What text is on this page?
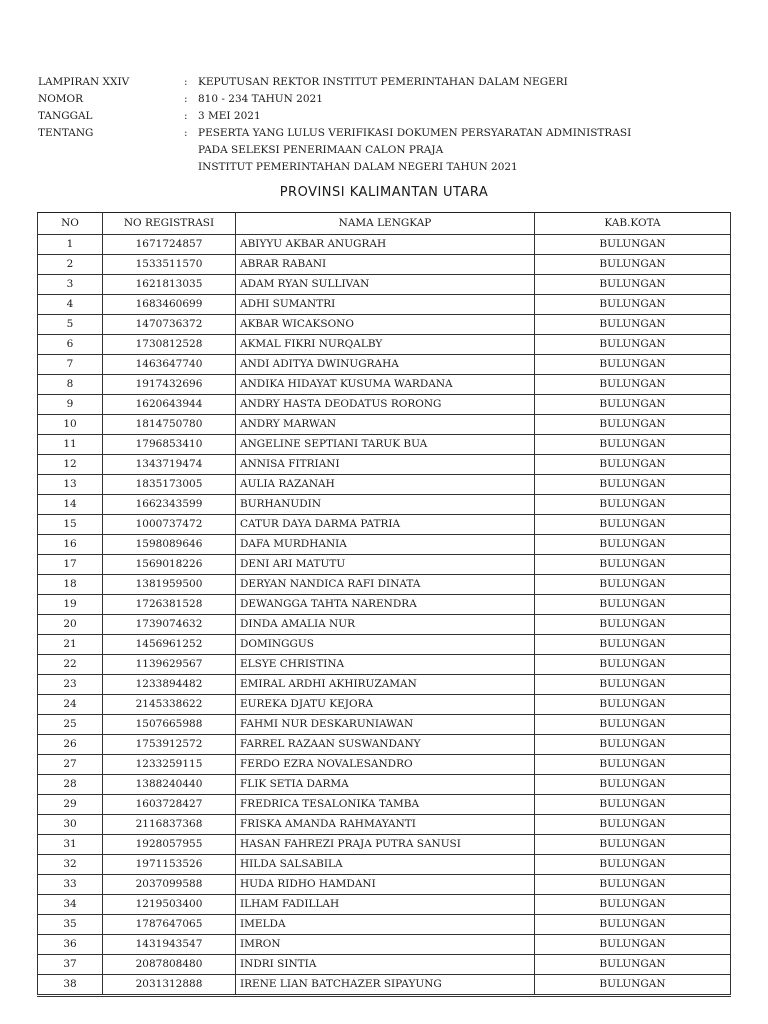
LAMPIRAN XXIV	: KEPUTUSAN REKTOR INSTITUT PEMERINTAHAN DALAM NEGERI
NOMOR	: 810 - 234 TAHUN 2021
TANGGAL	: 3 MEI 2021
TENTANG	: PESERTA YANG LULUS VERIFIKASI DOKUMEN PERSYARATAN ADMINISTRASI
PADA SELEKSI PENERIMAAN CALON PRAJA
INSTITUT PEMERINTAHAN DALAM NEGERI TAHUN 2021
PROVINSI KALIMANTAN UTARA
NO	NO REGISTRASI	NAMA LENGKAP	KAB.KOTA
1	1671724857	ABIYYU AKBAR ANUGRAH	BULUNGAN
2	1533511570	ABRAR RABANI	BULUNGAN
3	1621813035	ADAM RYAN SULLIVAN	BULUNGAN
4	1683460699	ADHI SUMANTRI	BULUNGAN
5	1470736372	AKBAR WICAKSONO	BULUNGAN
6	1730812528	AKMAL FIKRI NURQALBY	BULUNGAN
7	1463647740	ANDI ADITYA DWINUGRAHA	BULUNGAN
8	1917432696	ANDIKA HIDAYAT KUSUMA WARDANA	BULUNGAN
9	1620643944	ANDRY HASTA DEODATUS RORONG	BULUNGAN
10	1814750780	ANDRY MARWAN	BULUNGAN
11	1796853410	ANGELINE SEPTIANI TARUK BUA	BULUNGAN
12	1343719474	ANNISA FITRIANI	BULUNGAN
13	1835173005	AULIA RAZANAH	BULUNGAN
14	1662343599	BURHANUDIN	BULUNGAN
15	1000737472	CATUR DAYA DARMA PATRIA	BULUNGAN
16	1598089646	DAFA MURDHANIA	BULUNGAN
17	1569018226	DENI ARI MATUTU	BULUNGAN
18	1381959500	DERYAN NANDICA RAFI DINATA	BULUNGAN
19	1726381528	DEWANGGA TAHTA NARENDRA	BULUNGAN
20	1739074632	DINDA AMALIA NUR	BULUNGAN
21	1456961252	DOMINGGUS	BULUNGAN
22	1139629567	ELSYE CHRISTINA	BULUNGAN
23	1233894482	EMIRAL ARDHI AKHIRUZAMAN	BULUNGAN
24	2145338622	EUREKA DJATU KEJORA	BULUNGAN
25	1507665988	FAHMI NUR DESKARUNIAWAN	BULUNGAN
26	1753912572	FARREL RAZAAN SUSWANDANY	BULUNGAN
27	1233259115	FERDO EZRA NOVALESANDRO	BULUNGAN
28	1388240440	FLIK SETIA DARMA	BULUNGAN
29	1603728427	FREDRICA TESALONIKA TAMBA	BULUNGAN
30	2116837368	FRISKA AMANDA RAHMAYANTI	BULUNGAN
31	1928057955	HASAN FAHREZI PRAJA PUTRA SANUSI	BULUNGAN
32	1971153526	HILDA SALSABILA	BULUNGAN
33	2037099588	HUDA RIDHO HAMDANI	BULUNGAN
34	1219503400	ILHAM FADILLAH	BULUNGAN
35	1787647065	IMELDA	BULUNGAN
36	1431943547	IMRON	BULUNGAN
37	2087808480	INDRI SINTIA	BULUNGAN
38	2031312888	IRENE LIAN BATCHAZER SIPAYUNG	BULUNGAN
